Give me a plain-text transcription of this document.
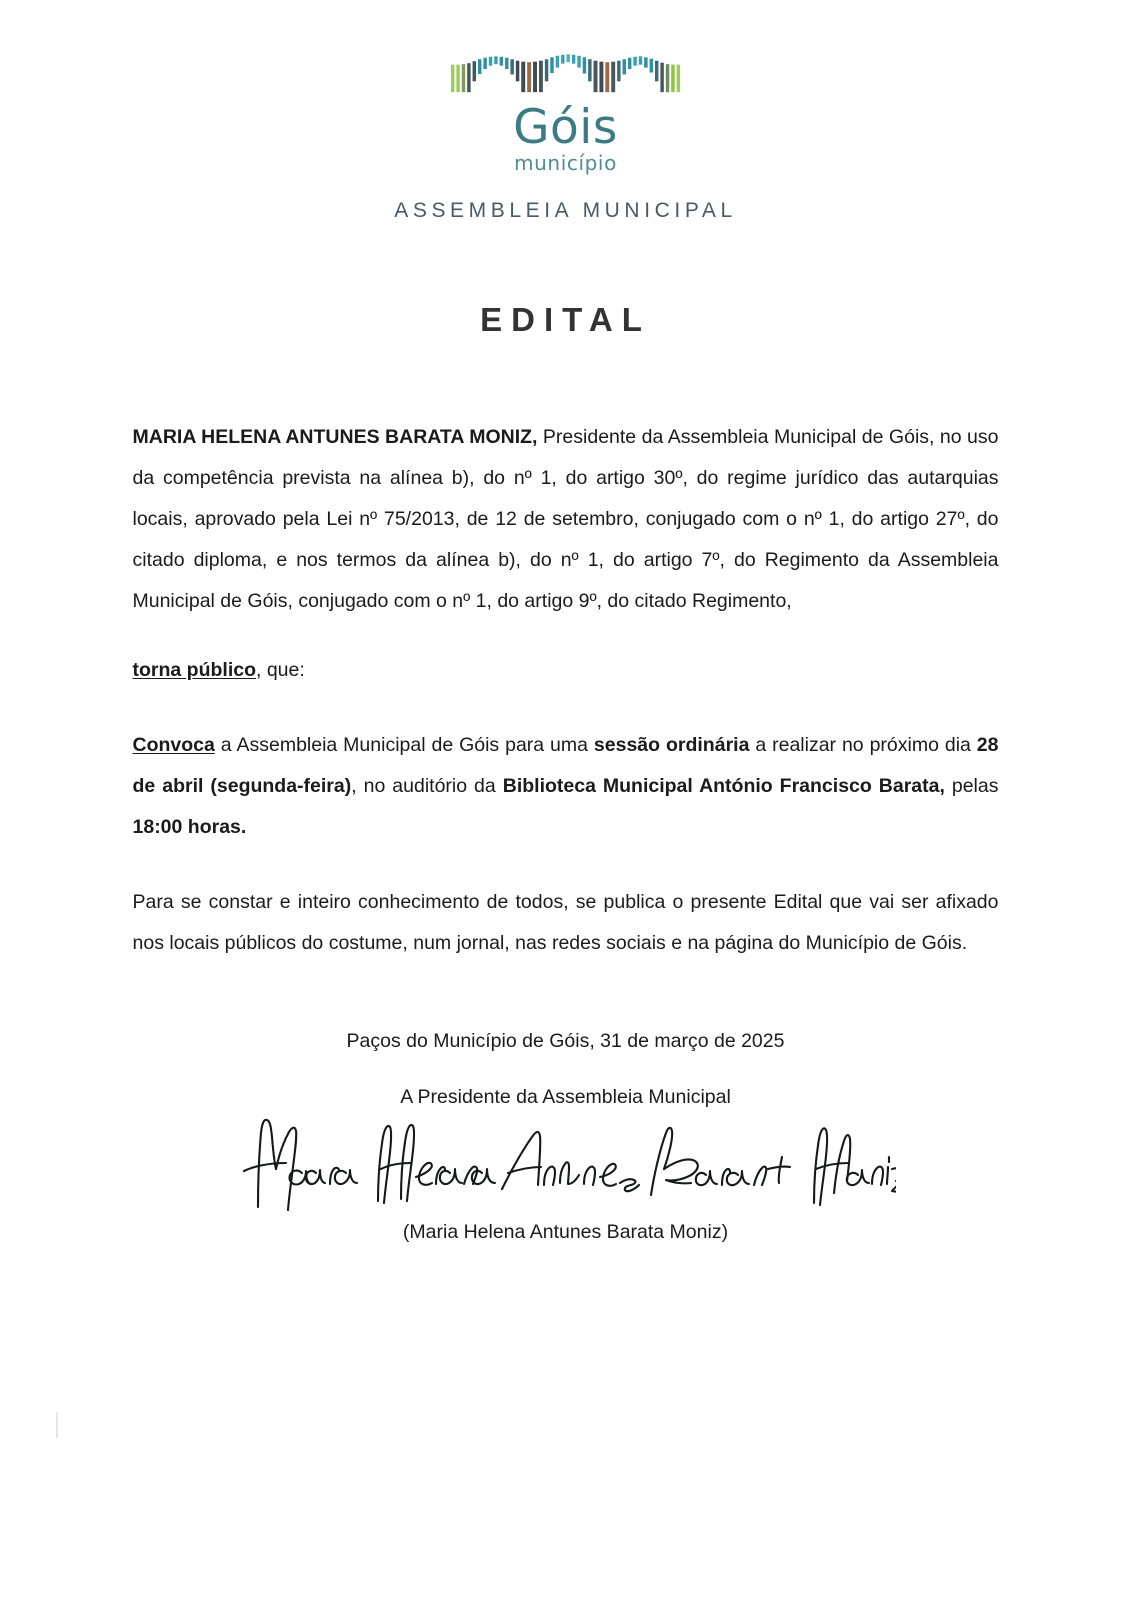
Góis
município
ASSEMBLEIA MUNICIPAL
EDITAL

MARIA HELENA ANTUNES BARATA MONIZ, Presidente da Assembleia Municipal de Góis, no uso da competência prevista na alínea b), do nº 1, do artigo 30º, do regime jurídico das autarquias locais, aprovado pela Lei nº 75/2013, de 12 de setembro, conjugado com o nº 1, do artigo 27º, do citado diploma, e nos termos da alínea b), do nº 1, do artigo 7º, do Regimento da Assembleia Municipal de Góis, conjugado com o nº 1, do artigo 9º, do citado Regimento,

torna público, que:

Convoca a Assembleia Municipal de Góis para uma sessão ordinária a realizar no próximo dia 28 de abril (segunda-feira), no auditório da Biblioteca Municipal António Francisco Barata, pelas 18:00 horas.

Para se constar e inteiro conhecimento de todos, se publica o presente Edital que vai ser afixado nos locais públicos do costume, num jornal, nas redes sociais e na página do Município de Góis.

Paços do Município de Góis, 31 de março de 2025
A Presidente da Assembleia Municipal
(Maria Helena Antunes Barata Moniz)
